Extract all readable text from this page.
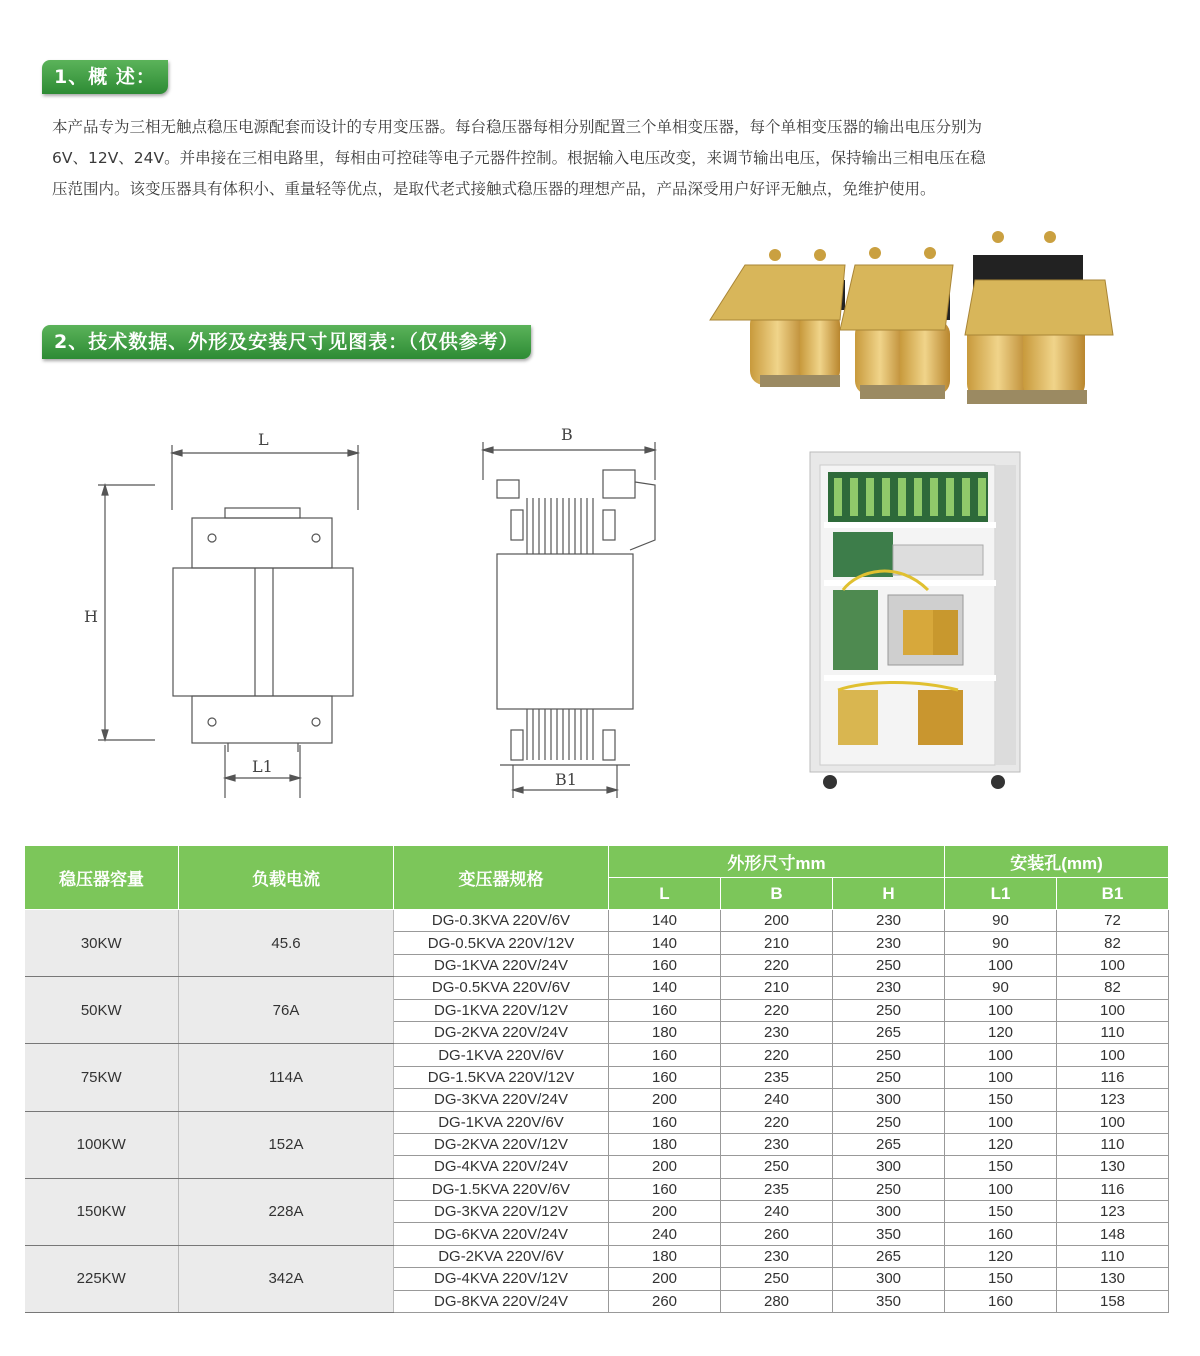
1、概 述：

本产品专为三相无触点稳压电源配套而设计的专用变压器。每台稳压器每相分别配置三个单相变压器，每个单相变压器的输出电压分别为

6V、12V、24V。并串接在三相电路里，每相由可控硅等电子元器件控制。根据输入电压改变，来调节输出电压，保持输出三相电压在稳

压范围内。该变压器具有体积小、重量轻等优点，是取代老式接触式稳压器的理想产品，产品深受用户好评无触点，免维护使用。

2、技术数据、外形及安装尺寸见图表：（仅供参考）
L
H
L1
B
B1
稳压器容量	负载电流	变压器规格	外形尺寸mm			安装孔(mm)	
			L	B	H	L1	B1
30KW	45.6	DG-0.3KVA 220V/6V	140	200	230	90	72
		DG-0.5KVA 220V/12V	140	210	230	90	82
		DG-1KVA 220V/24V	160	220	250	100	100
50KW	76A	DG-0.5KVA 220V/6V	140	210	230	90	82
		DG-1KVA 220V/12V	160	220	250	100	100
		DG-2KVA 220V/24V	180	230	265	120	110
75KW	114A	DG-1KVA 220V/6V	160	220	250	100	100
		DG-1.5KVA 220V/12V	160	235	250	100	116
		DG-3KVA 220V/24V	200	240	300	150	123
100KW	152A	DG-1KVA 220V/6V	160	220	250	100	100
		DG-2KVA 220V/12V	180	230	265	120	110
		DG-4KVA 220V/24V	200	250	300	150	130
150KW	228A	DG-1.5KVA 220V/6V	160	235	250	100	116
		DG-3KVA 220V/12V	200	240	300	150	123
		DG-6KVA 220V/24V	240	260	350	160	148
225KW	342A	DG-2KVA 220V/6V	180	230	265	120	110
		DG-4KVA 220V/12V	200	250	300	150	130
		DG-8KVA 220V/24V	260	280	350	160	158
